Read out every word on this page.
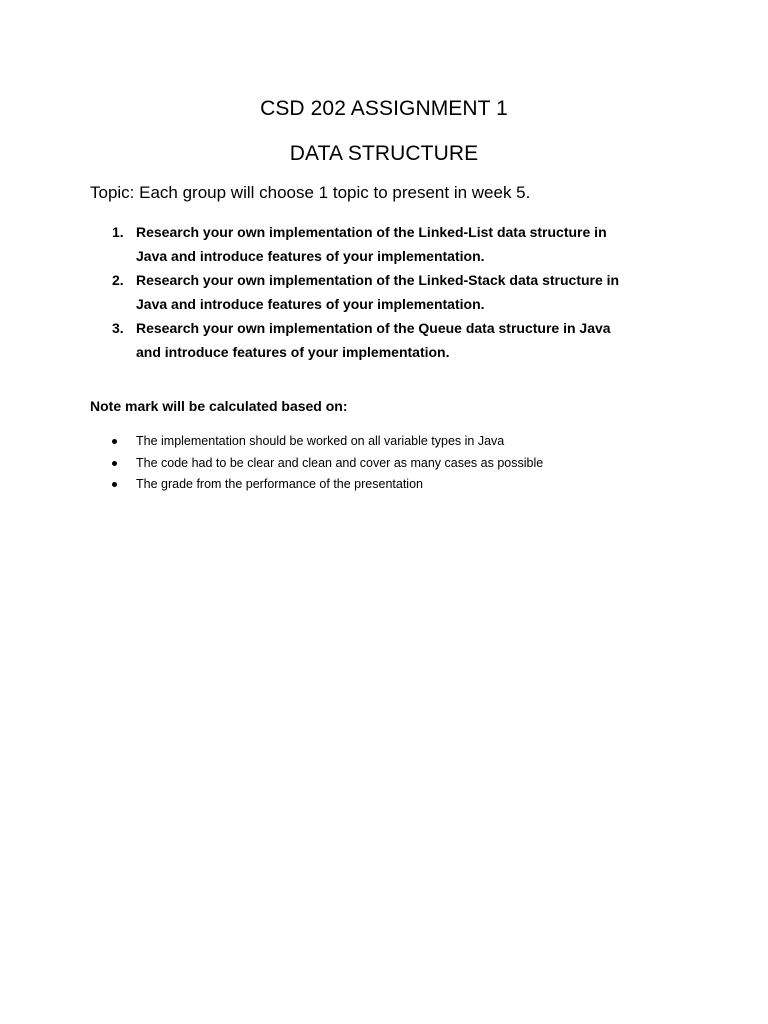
CSD 202 ASSIGNMENT 1
DATA STRUCTURE

Topic: Each group will choose 1 topic to present in week 5.

1. Research your own implementation of the Linked-List data structure in
Java and introduce features of your implementation.
2. Research your own implementation of the Linked-Stack data structure in
Java and introduce features of your implementation.
3. Research your own implementation of the Queue data structure in Java
and introduce features of your implementation.

Note mark will be calculated based on:

The implementation should be worked on all variable types in Java
The code had to be clear and clean and cover as many cases as possible
The grade from the performance of the presentation
